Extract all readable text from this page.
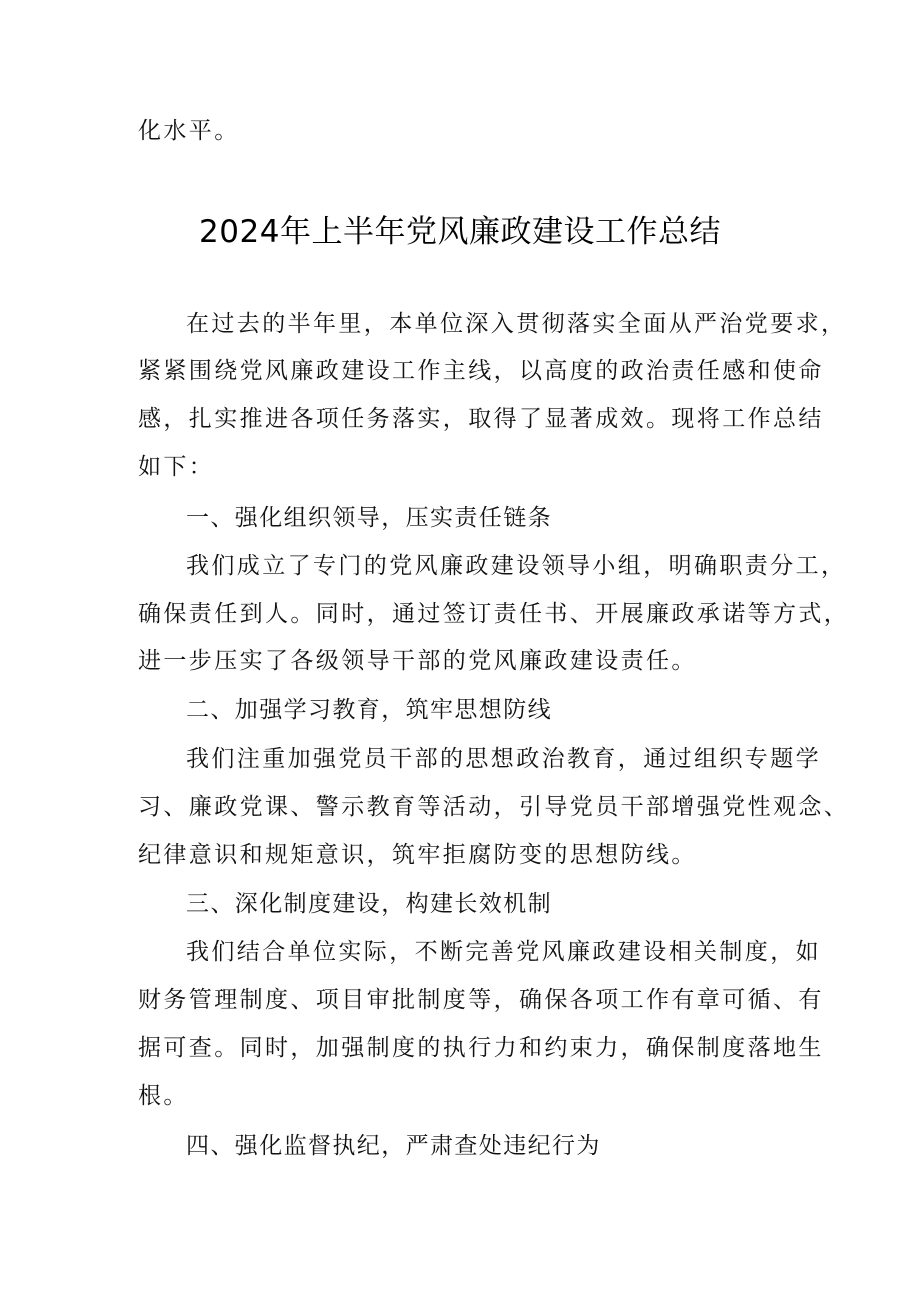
化水平。
2024年上半年党风廉政建设工作总结
在过去的半年里，本单位深入贯彻落实全面从严治党要求，
紧紧围绕党风廉政建设工作主线，以高度的政治责任感和使命
感，扎实推进各项任务落实，取得了显著成效。现将工作总结
如下：
一、强化组织领导，压实责任链条
我们成立了专门的党风廉政建设领导小组，明确职责分工，
确保责任到人。同时，通过签订责任书、开展廉政承诺等方式，
进一步压实了各级领导干部的党风廉政建设责任。
二、加强学习教育，筑牢思想防线
我们注重加强党员干部的思想政治教育，通过组织专题学
习、廉政党课、警示教育等活动，引导党员干部增强党性观念、
纪律意识和规矩意识，筑牢拒腐防变的思想防线。
三、深化制度建设，构建长效机制
我们结合单位实际，不断完善党风廉政建设相关制度，如
财务管理制度、项目审批制度等，确保各项工作有章可循、有
据可查。同时，加强制度的执行力和约束力，确保制度落地生
根。
四、强化监督执纪，严肃查处违纪行为
